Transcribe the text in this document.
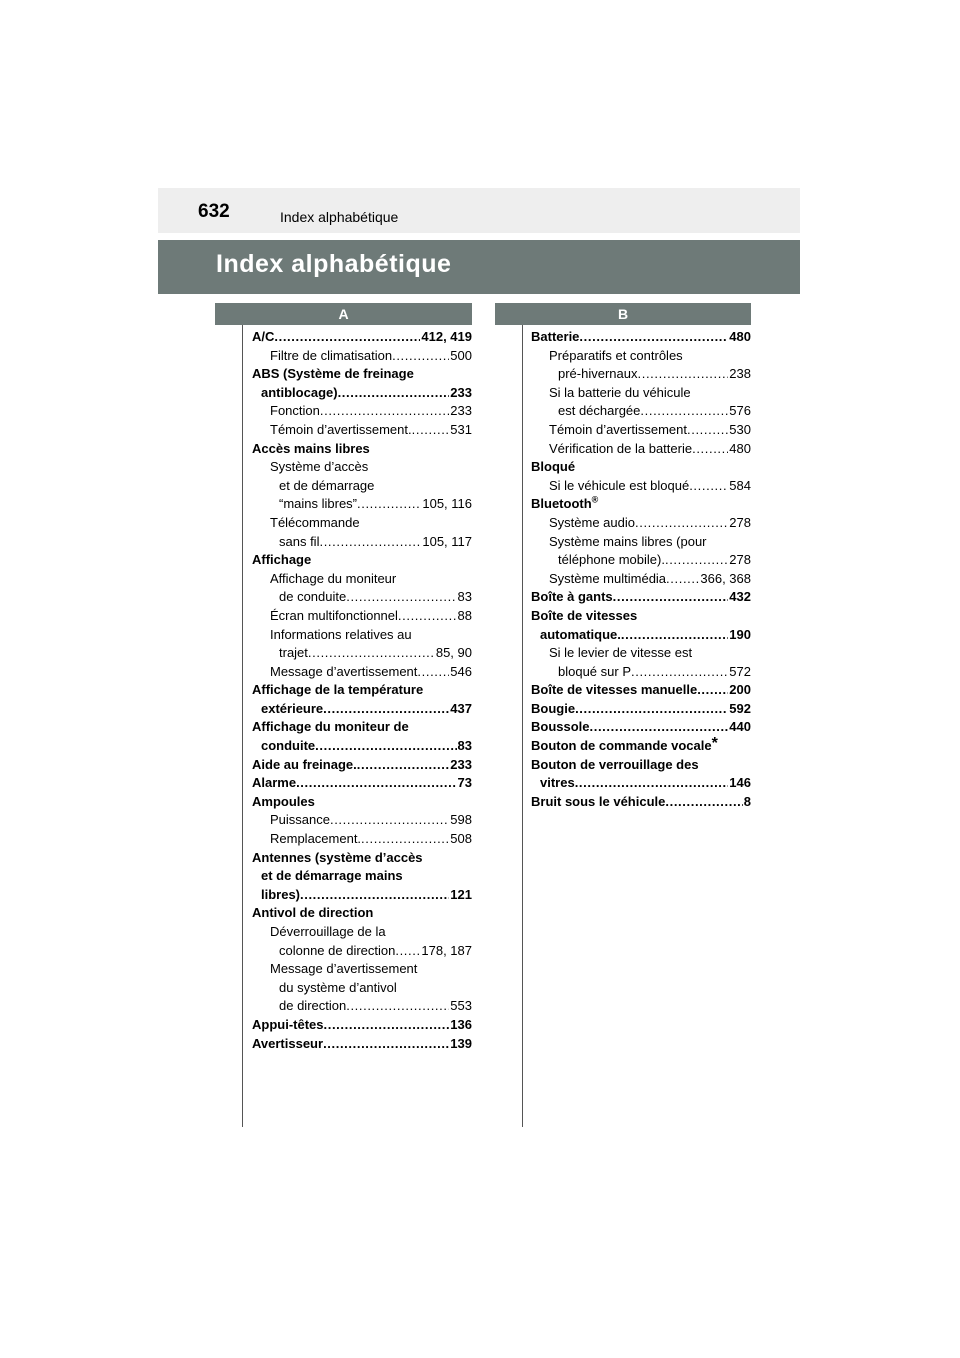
632	Index alphabétique
Index alphabétique
A	B
A/C . . .	412, 419
Filtre de climatisation . . .	500
ABS (Système de freinage
antiblocage) . . .	233
Fonction . . .	233
Témoin d’avertissement. . . .	531
Accès mains libres
Système d’accès
et de démarrage
“mains libres” . . .	105, 116
Télécommande
sans fil . . .	105, 117
Affichage
Affichage du moniteur
de conduite . . .	83
Écran multifonctionnel . . .	88
Informations relatives au
trajet . . .	85, 90
Message d’avertissement . . .	546
Affichage de la température
extérieure . . .	437
Affichage du moniteur de
conduite . . .	83
Aide au freinage. . . .	233
Alarme . . .	73
Ampoules
Puissance . . .	598
Remplacement. . . .	508
Antennes (système d’accès
et de démarrage mains
libres) . . .	121
Antivol de direction
Déverrouillage de la
colonne de direction . . . 178, 187
Message d’avertissement
du système d’antivol
de direction . . .	553
Appui-têtes . . .	136
Avertisseur . . .	139
Batterie . . .	480
Préparatifs et contrôles
pré-hivernaux . . .	238
Si la batterie du véhicule
est déchargée . . .	576
Témoin d’avertissement . . .	530
Vérification de la batterie . . .	480
Bloqué
Si le véhicule est bloqué . . .	584
Bluetooth®
Système audio . . .	278
Système mains libres (pour
téléphone mobile). . . .	278
Système multimédia . . .	366, 368
Boîte à gants . . .	432
Boîte de vitesses
automatique. . . .	190
Si le levier de vitesse est
bloqué sur P . . .	572
Boîte de vitesses manuelle . . . 200
Bougie . . .	592
Boussole . . .	440
Bouton de commande vocale*
Bouton de verrouillage des
vitres . . .	146
Bruit sous le véhicule . . .	8
